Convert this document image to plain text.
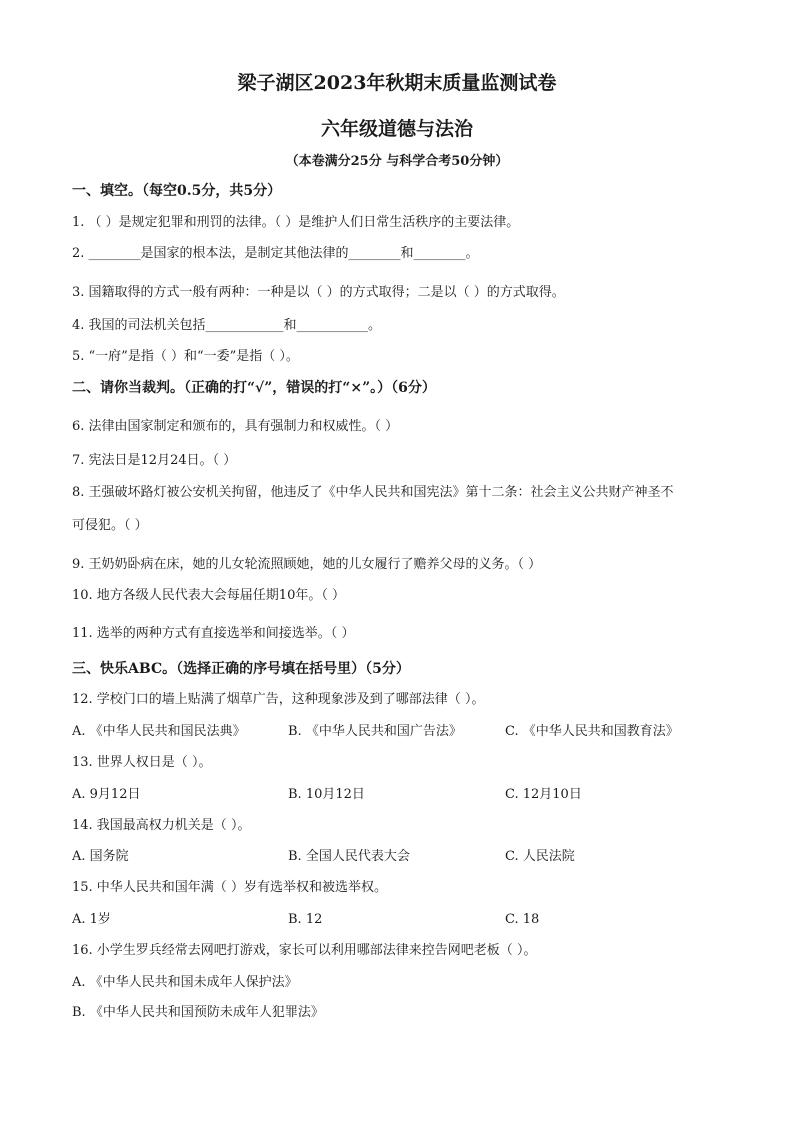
梁子湖区2023年秋期末质量监测试卷
六年级道德与法治
（本卷满分25分 与科学合考50分钟）
一、填空。（每空0.5分，共5分）
1. （ ）是规定犯罪和刑罚的法律。（ ）是维护人们日常生活秩序的主要法律。
2. ________是国家的根本法，是制定其他法律的________和________。
3. 国籍取得的方式一般有两种：一种是以（ ）的方式取得；二是以（ ）的方式取得。
4. 我国的司法机关包括____________和___________。
5. “一府”是指（ ）和“一委”是指（ ）。
二、请你当裁判。（正确的打“√”，错误的打“×”。）（6分）
6. 法律由国家制定和颁布的，具有强制力和权威性。（ ）
7. 宪法日是12月24日。（ ）
8. 王强破坏路灯被公安机关拘留，他违反了《中华人民共和国宪法》第十二条：社会主义公共财产神圣不
可侵犯。（ ）
9. 王奶奶卧病在床，她的儿女轮流照顾她，她的儿女履行了赡养父母的义务。（ ）
10. 地方各级人民代表大会每届任期10年。（ ）
11. 选举的两种方式有直接选举和间接选举。（ ）
三、快乐ABC。（选择正确的序号填在括号里）（5分）
12. 学校门口的墙上贴满了烟草广告，这种现象涉及到了哪部法律（ ）。
A. 《中华人民共和国民法典》	B. 《中华人民共和国广告法》	C. 《中华人民共和国教育法》
13. 世界人权日是（ ）。
A. 9月12日	B. 10月12日	C. 12月10日
14. 我国最高权力机关是（ ）。
A. 国务院	B. 全国人民代表大会	C. 人民法院
15. 中华人民共和国年满（ ）岁有选举权和被选举权。
A. 1岁	B. 12	C. 18
16. 小学生罗兵经常去网吧打游戏，家长可以利用哪部法律来控告网吧老板（ ）。
A. 《中华人民共和国未成年人保护法》
B. 《中华人民共和国预防未成年人犯罪法》
